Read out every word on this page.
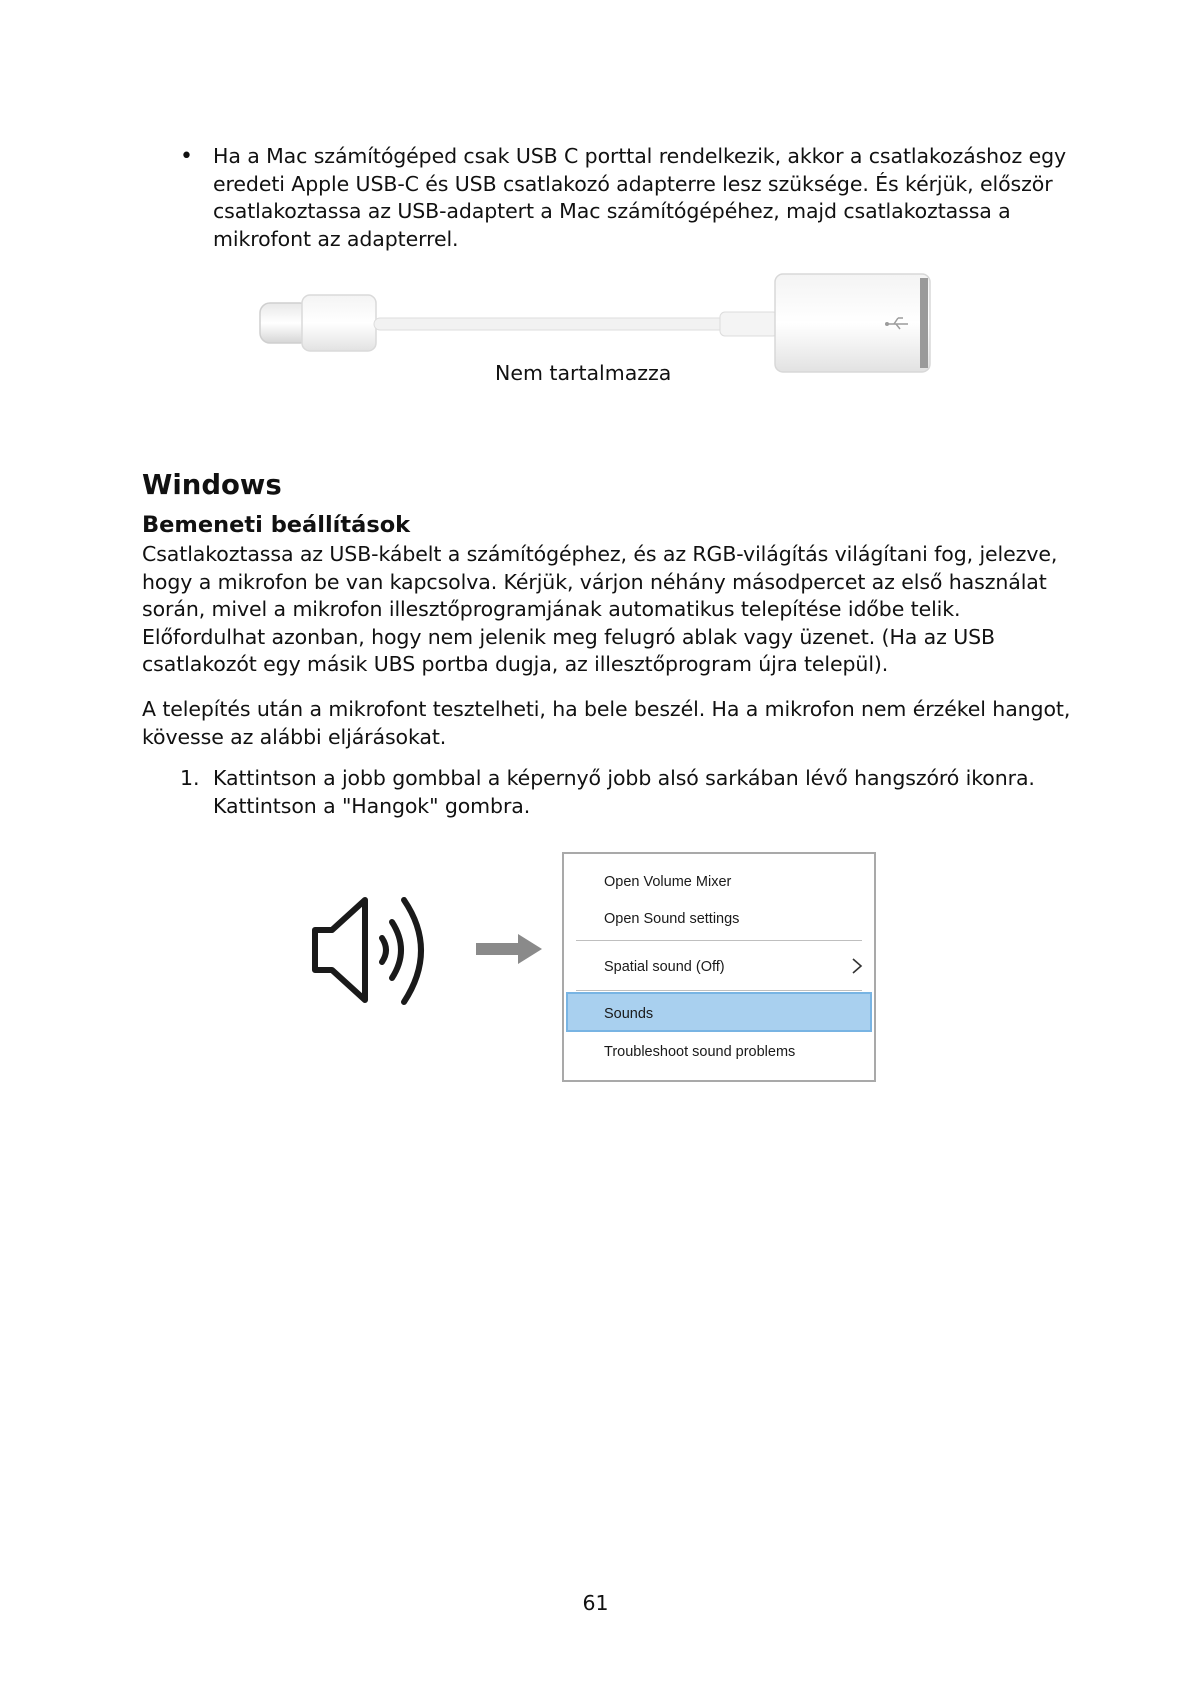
• Ha a Mac számítógéped csak USB C porttal rendelkezik, akkor a csatlakozáshoz egy
eredeti Apple USB-C és USB csatlakozó adapterre lesz szüksége. És kérjük, először
csatlakoztassa az USB-adaptert a Mac számítógépéhez, majd csatlakoztassa a
mikrofont az adapterrel.
Nem tartalmazza
Windows
Bemeneti beállítások
Csatlakoztassa az USB-kábelt a számítógéphez, és az RGB-világítás világítani fog, jelezve,
hogy a mikrofon be van kapcsolva. Kérjük, várjon néhány másodpercet az első használat
során, mivel a mikrofon illesztőprogramjának automatikus telepítése időbe telik.
Előfordulhat azonban, hogy nem jelenik meg felugró ablak vagy üzenet. (Ha az USB
csatlakozót egy másik UBS portba dugja, az illesztőprogram újra települ).
A telepítés után a mikrofont tesztelheti, ha bele beszél. Ha a mikrofon nem érzékel hangot,
kövesse az alábbi eljárásokat.
1. Kattintson a jobb gombbal a képernyő jobb alsó sarkában lévő hangszóró ikonra.
Kattintson a "Hangok" gombra.
Open Volume Mixer
Open Sound settings
Spatial sound (Off)
Sounds
Troubleshoot sound problems
61
